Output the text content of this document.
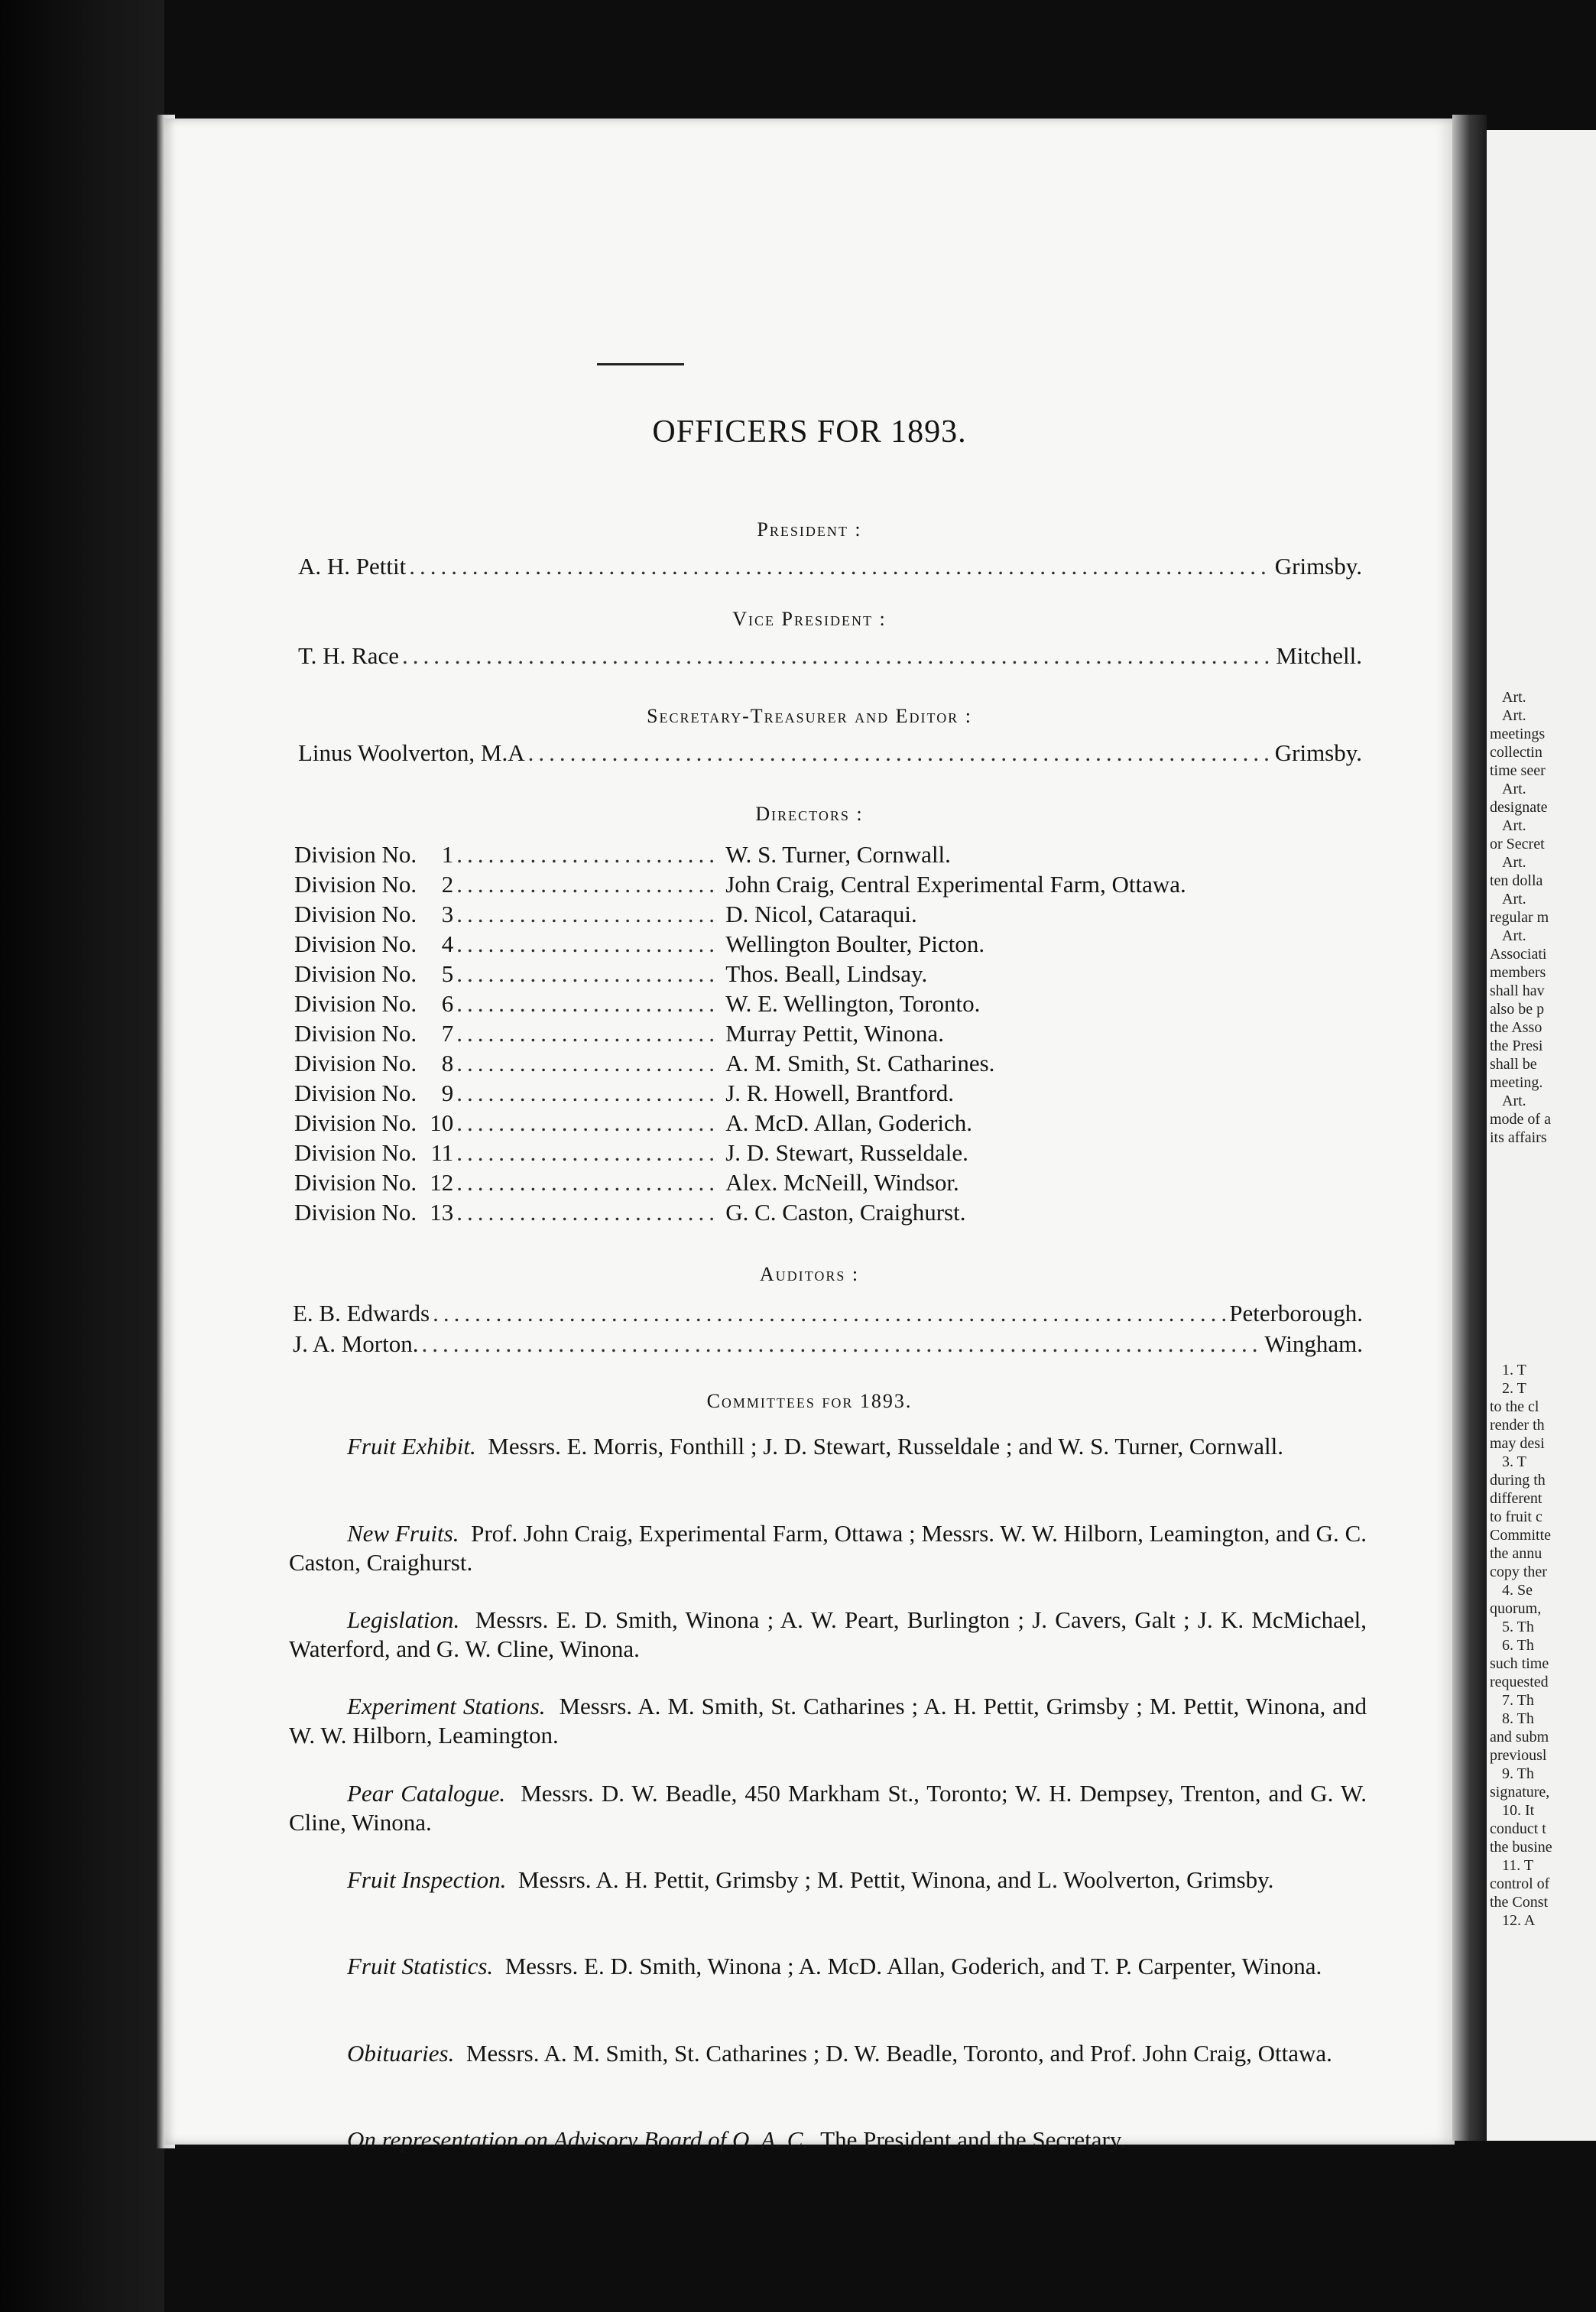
OFFICERS FOR 1893.
President :
A. H. Pettit .....	Grimsby.
Vice President :
T. H. Race .....	Mitchell.
Secretary-Treasurer and Editor :
Linus Woolverton, M.A .....	Grimsby.
Directors :
Division No.	1 .....	W. S. Turner, Cornwall.
Division No.	2 .....	John Craig, Central Experimental Farm, Ottawa.
Division No.	3 .....	D. Nicol, Cataraqui.
Division No.	4 .....	Wellington Boulter, Picton.
Division No.	5 .....	Thos. Beall, Lindsay.
Division No.	6 .....	W. E. Wellington, Toronto.
Division No.	7 .....	Murray Pettit, Winona.
Division No.	8 .....	A. M. Smith, St. Catharines.
Division No.	9 .....	J. R. Howell, Brantford.
Division No. 10 .....	A. McD. Allan, Goderich.
Division No. 11 .....	J. D. Stewart, Russeldale.
Division No. 12 .....	Alex. McNeill, Windsor.
Division No. 13 .....	G. C. Caston, Craighurst.
Auditors :
E. B. Edwards .....	Peterborough.
J. A. Morton. .....	Wingham.
Committees for 1893.
Fruit Exhibit. Messrs. E. Morris, Fonthill ; J. D. Stewart, Russeldale ; and W. S. Turner, Cornwall.
New Fruits. Prof. John Craig, Experimental Farm, Ottawa ; Messrs. W. W. Hilborn, Leamington, and G. C. Caston, Craighurst.
Legislation. Messrs. E. D. Smith, Winona ; A. W. Peart, Burlington ; J. Cavers, Galt ; J. K. McMichael, Waterford, and G. W. Cline, Winona.
Experiment Stations. Messrs. A. M. Smith, St. Catharines ; A. H. Pettit, Grimsby ; M. Pettit, Winona, and W. W. Hilborn, Leamington.
Pear Catalogue. Messrs. D. W. Beadle, 450 Markham St., Toronto; W. H. Dempsey, Trenton, and G. W. Cline, Winona.
Fruit Inspection. Messrs. A. H. Pettit, Grimsby ; M. Pettit, Winona, and L. Woolverton, Grimsby.
Fruit Statistics. Messrs. E. D. Smith, Winona ; A. McD. Allan, Goderich, and T. P. Carpenter, Winona.
Obituaries. Messrs. A. M. Smith, St. Catharines ; D. W. Beadle, Toronto, and Prof. John Craig, Ottawa.
On representation on Advisory Board of O. A. C. The President and the Secretary.
Art.
Art.
meetings
collectin
time seer
Art.
designate
Art.
or Secret
Art.
ten dolla
Art.
regular m
Art.
Associati
members
shall hav
also be p
the Asso
the Presi
shall be
meeting.
Art.
mode of a
its affairs
1. T
2. T
to the cl
render th
may desi
3. T
during th
different
to fruit c
Committe
the annu
copy ther
4. Se
quorum,
5. Th
6. Th
such time
requested
7. Th
8. Th
and subm
previousl
9. Th
signature,
10. It
conduct t
the busine
11. T
control of
the Const
12. A
